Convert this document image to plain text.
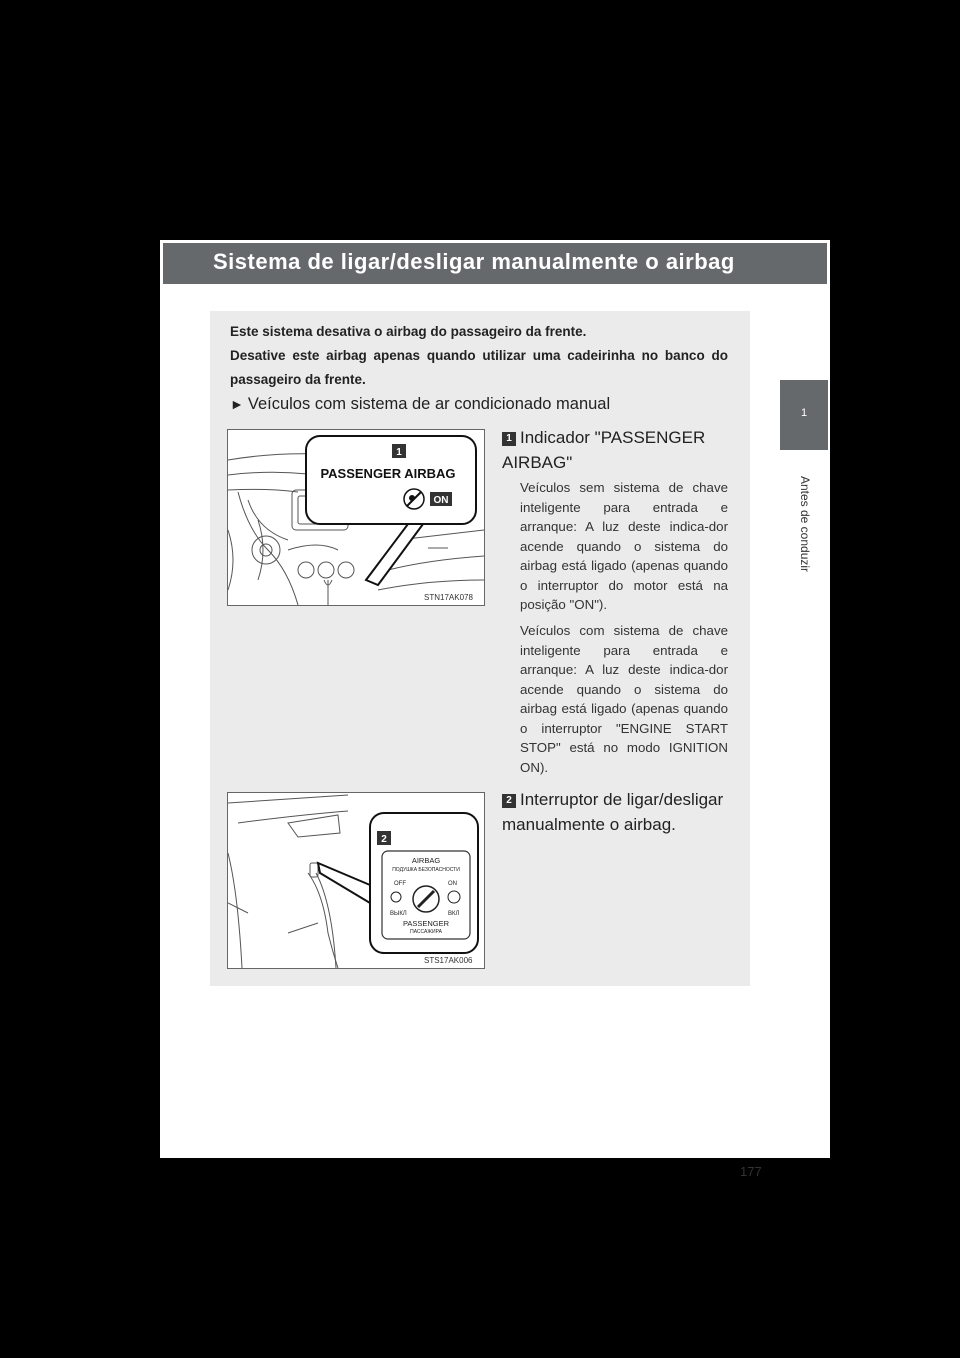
Sistema de ligar/desligar manualmente o airbag
1
Antes de conduzir
177

Este sistema desativa o airbag do passageiro da frente.

Desative este airbag apenas quando utilizar uma cadeirinha no banco do passageiro da frente.

► Veículos com sistema de ar condicionado manual
1
PASSENGER AIRBAG
ON
STN17AK078
2
AIRBAG
ПОДУШКА БЕЗОПАСНОСТИ
OFF	ON
ВЫКЛ	ВКЛ
PASSENGER
ПАССАЖИРА
STS17AK006
1 Indicador "PASSENGER AIRBAG"

Veículos sem sistema de chave inteligente para entrada e arranque: A luz deste indica-dor acende quando o sistema do airbag está ligado (apenas quando o interruptor do motor está na posição "ON").

Veículos com sistema de chave inteligente para entrada e arranque: A luz deste indica-dor acende quando o sistema do airbag está ligado (apenas quando o interruptor "ENGINE START STOP" está no modo IGNITION ON).

2 Interruptor de ligar/desligar manualmente o airbag.
